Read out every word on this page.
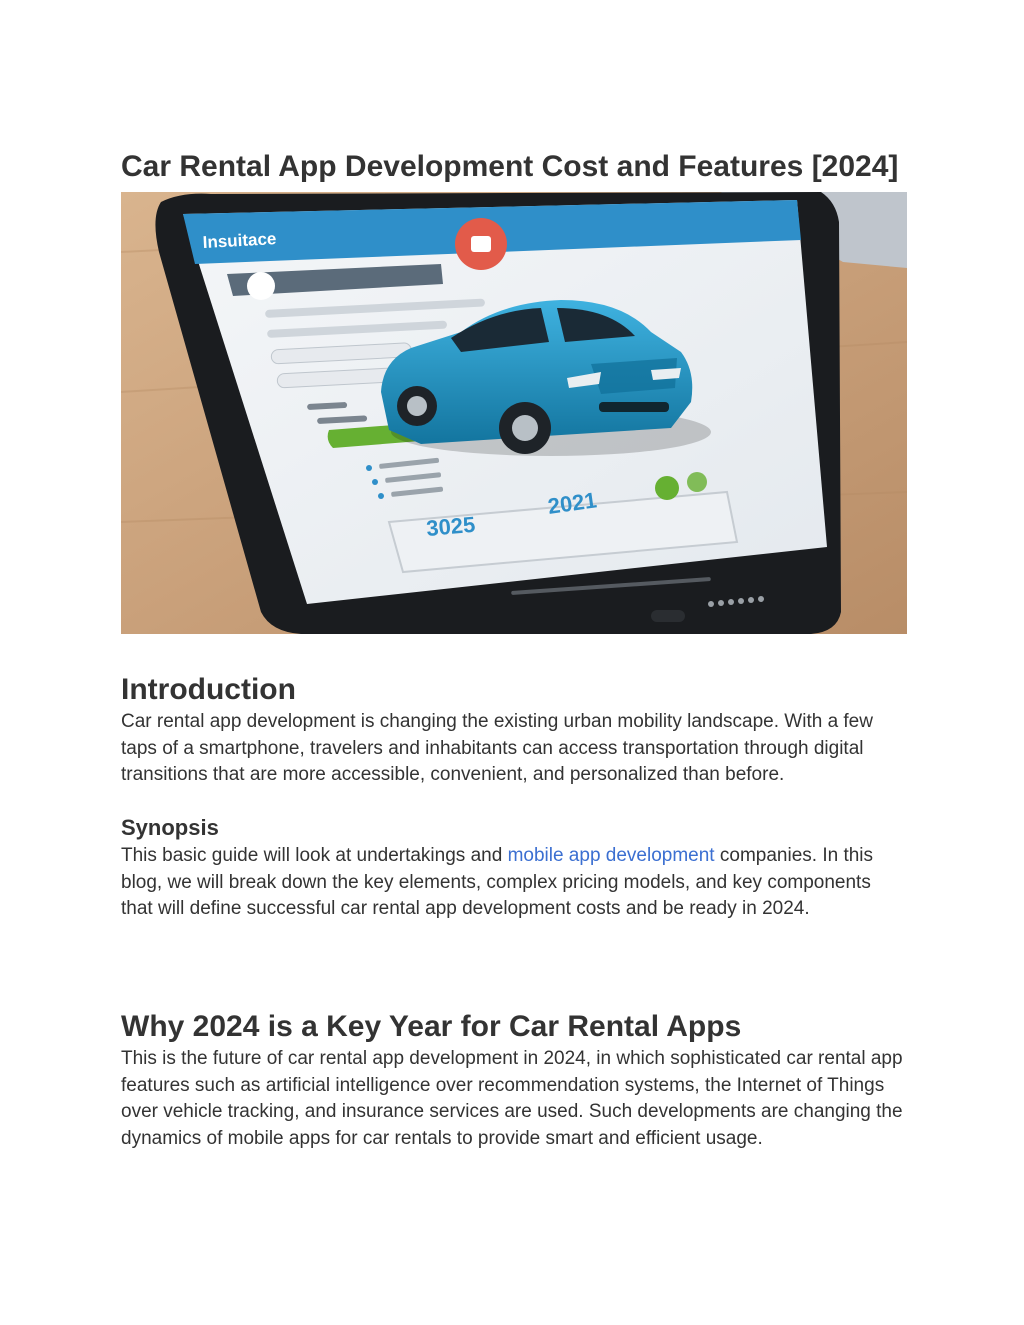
Car Rental App Development Cost and Features [2024]
Insuitace
3025
2021
Introduction

Car rental app development is changing the existing urban mobility landscape. With a few taps of a smartphone, travelers and inhabitants can access transportation through digital transitions that are more accessible, convenient, and personalized than before.

Synopsis

This basic guide will look at undertakings and mobile app development companies. In this blog, we will break down the key elements, complex pricing models, and key components that will define successful car rental app development costs and be ready in 2024.

Why 2024 is a Key Year for Car Rental Apps

This is the future of car rental app development in 2024, in which sophisticated car rental app features such as artificial intelligence over recommendation systems, the Internet of Things over vehicle tracking, and insurance services are used. Such developments are changing the dynamics of mobile apps for car rentals to provide smart and efficient usage.
